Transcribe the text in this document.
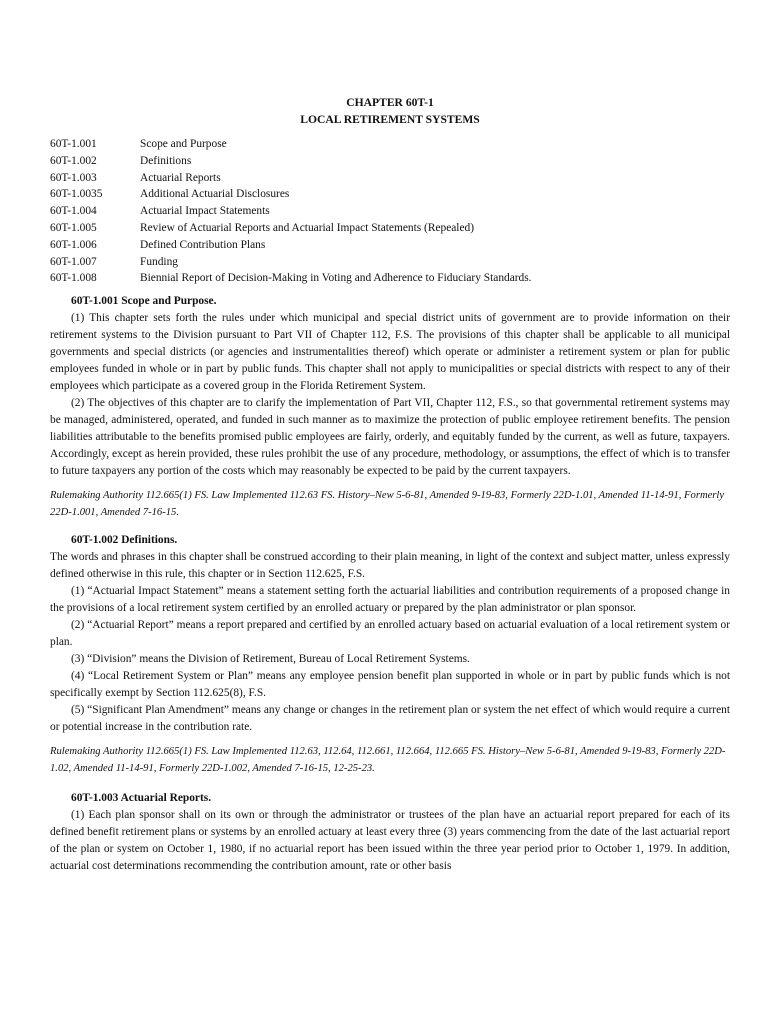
CHAPTER 60T-1
LOCAL RETIREMENT SYSTEMS
60T-1.001	Scope and Purpose
60T-1.002	Definitions
60T-1.003	Actuarial Reports
60T-1.0035	Additional Actuarial Disclosures
60T-1.004	Actuarial Impact Statements
60T-1.005	Review of Actuarial Reports and Actuarial Impact Statements (Repealed)
60T-1.006	Defined Contribution Plans
60T-1.007	Funding
60T-1.008	Biennial Report of Decision-Making in Voting and Adherence to Fiduciary Standards.
60T-1.001 Scope and Purpose.

(1) This chapter sets forth the rules under which municipal and special district units of government are to provide information on their retirement systems to the Division pursuant to Part VII of Chapter 112, F.S. The provisions of this chapter shall be applicable to all municipal governments and special districts (or agencies and instrumentalities thereof) which operate or administer a retirement system or plan for public employees funded in whole or in part by public funds. This chapter shall not apply to municipalities or special districts with respect to any of their employees which participate as a covered group in the Florida Retirement System.

(2) The objectives of this chapter are to clarify the implementation of Part VII, Chapter 112, F.S., so that governmental retirement systems may be managed, administered, operated, and funded in such manner as to maximize the protection of public employee retirement benefits. The pension liabilities attributable to the benefits promised public employees are fairly, orderly, and equitably funded by the current, as well as future, taxpayers. Accordingly, except as herein provided, these rules prohibit the use of any procedure, methodology, or assumptions, the effect of which is to transfer to future taxpayers any portion of the costs which may reasonably be expected to be paid by the current taxpayers.

Rulemaking Authority 112.665(1) FS. Law Implemented 112.63 FS. History–New 5-6-81, Amended 9-19-83, Formerly 22D-1.01, Amended 11-14-91, Formerly 22D-1.001, Amended 7-16-15.

60T-1.002 Definitions.

The words and phrases in this chapter shall be construed according to their plain meaning, in light of the context and subject matter, unless expressly defined otherwise in this rule, this chapter or in Section 112.625, F.S.

(1) “Actuarial Impact Statement” means a statement setting forth the actuarial liabilities and contribution requirements of a proposed change in the provisions of a local retirement system certified by an enrolled actuary or prepared by the plan administrator or plan sponsor.

(2) “Actuarial Report” means a report prepared and certified by an enrolled actuary based on actuarial evaluation of a local retirement system or plan.

(3) “Division” means the Division of Retirement, Bureau of Local Retirement Systems.

(4) “Local Retirement System or Plan” means any employee pension benefit plan supported in whole or in part by public funds which is not specifically exempt by Section 112.625(8), F.S.

(5) “Significant Plan Amendment” means any change or changes in the retirement plan or system the net effect of which would require a current or potential increase in the contribution rate.

Rulemaking Authority 112.665(1) FS. Law Implemented 112.63, 112.64, 112.661, 112.664, 112.665 FS. History–New 5-6-81, Amended 9-19-83, Formerly 22D-1.02, Amended 11-14-91, Formerly 22D-1.002, Amended 7-16-15, 12-25-23.

60T-1.003 Actuarial Reports.

(1) Each plan sponsor shall on its own or through the administrator or trustees of the plan have an actuarial report prepared for each of its defined benefit retirement plans or systems by an enrolled actuary at least every three (3) years commencing from the date of the last actuarial report of the plan or system on October 1, 1980, if no actuarial report has been issued within the three year period prior to October 1, 1979. In addition, actuarial cost determinations recommending the contribution amount, rate or other basis
